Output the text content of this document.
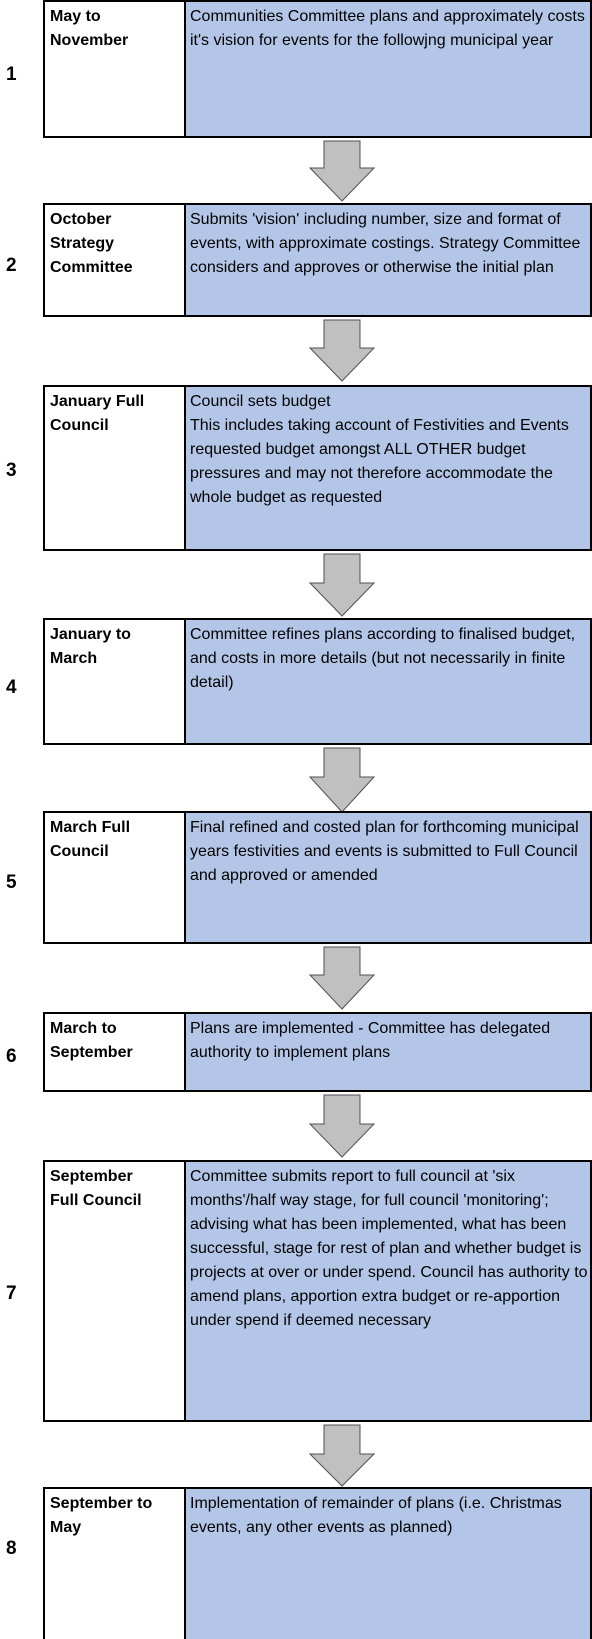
1
May to
November
Communities Committee plans and approximately costs it's vision for events for the followjng municipal year
2
October
Strategy
Committee
Submits 'vision' including number, size and format of events, with approximate costings. Strategy Committee considers and approves or otherwise the initial plan
3
January Full
Council
Council sets budget
This includes taking account of Festivities and Events requested budget amongst ALL OTHER budget pressures and may not therefore accommodate the whole budget as requested
4
January to
March
Committee refines plans according to finalised budget, and costs in more details (but not necessarily in finite detail)
5
March Full
Council
Final refined and costed plan for forthcoming municipal years festivities and events is submitted to Full Council and approved or amended
6
March to
September
Plans are implemented - Committee has delegated authority to implement plans
7
September
Full Council
Committee submits report to full council at 'six months'/half way stage, for full council 'monitoring'; advising what has been implemented, what has been successful, stage for rest of plan and whether budget is projects at over or under spend. Council has authority to amend plans, apportion extra budget or re-apportion under spend if deemed necessary
8
September to
May
Implementation of remainder of plans (i.e. Christmas events, any other events as planned)
